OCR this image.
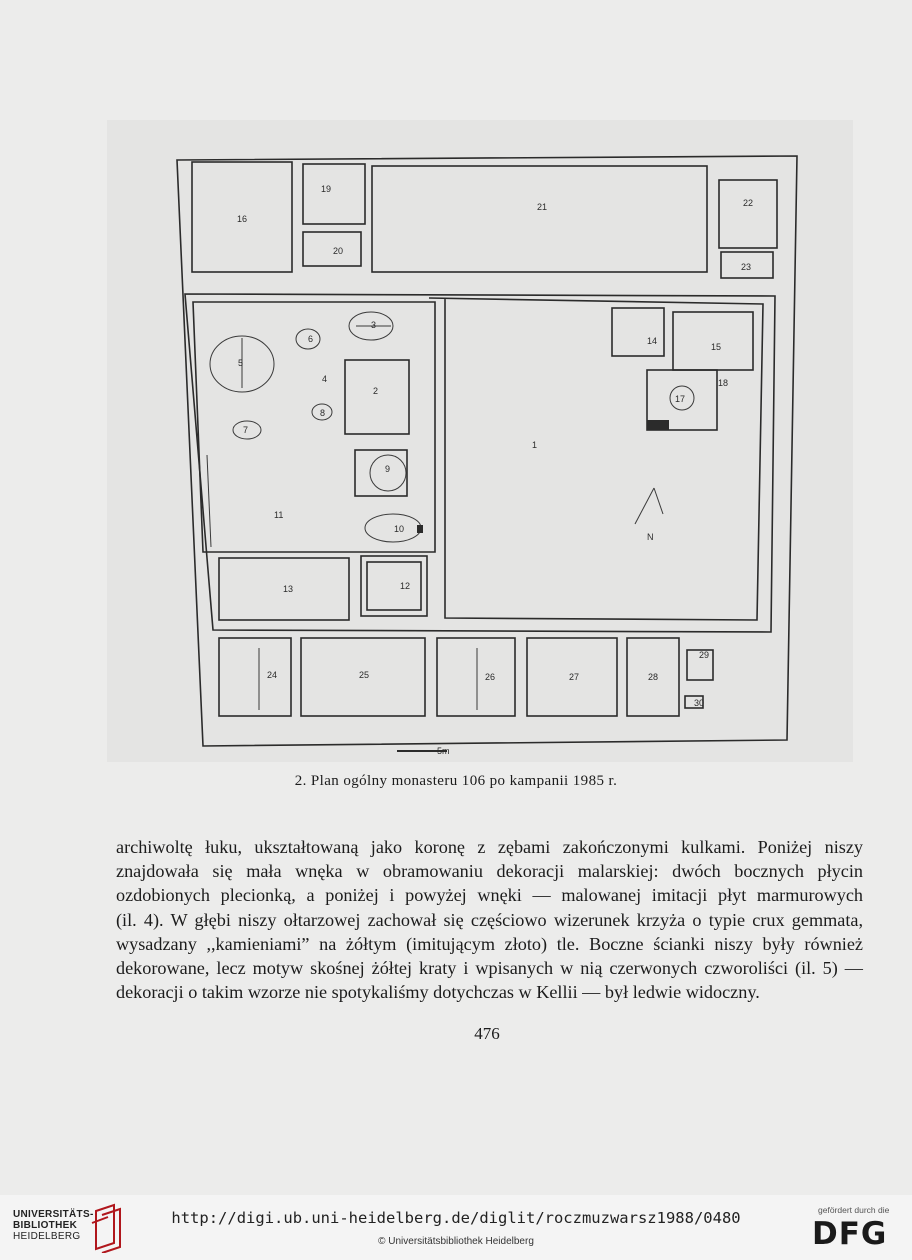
1
2
3
4
5
6
7
8
9
10
11
12
13
14
15
16
17
18
19
20
21	22
23
24	25	26	27	28
29
30
N
5m
2. Plan ogólny monasteru 106 po kampanii 1985 r.
archiwoltę łuku, ukształtowaną jako koronę z zębami zakończonymi kulkami. Poniżej niszy
znajdowała się mała wnęka w obramowaniu dekoracji malarskiej: dwóch bocznych płycin
ozdobionych plecionką, a poniżej i powyżej wnęki — malowanej imitacji płyt marmurowych
(il. 4). W głębi niszy ołtarzowej zachował się częściowo wizerunek krzyża o typie crux gemmata,
wysadzany ,,kamieniami” na żółtym (imitującym złoto) tle. Boczne ścianki niszy były również
dekorowane, lecz motyw skośnej żółtej kraty i wpisanych w nią czerwonych czworoliści (il. 5) —
dekoracji o takim wzorze nie spotykaliśmy dotychczas w Kellii — był ledwie widoczny.
476
UNIVERSITÄTS-
BIBLIOTHEK
HEIDELBERG
http://digi.ub.uni-heidelberg.de/diglit/roczmuzwarsz1988/0480
© Universitätsbibliothek Heidelberg
gefördert durch die
DFG
